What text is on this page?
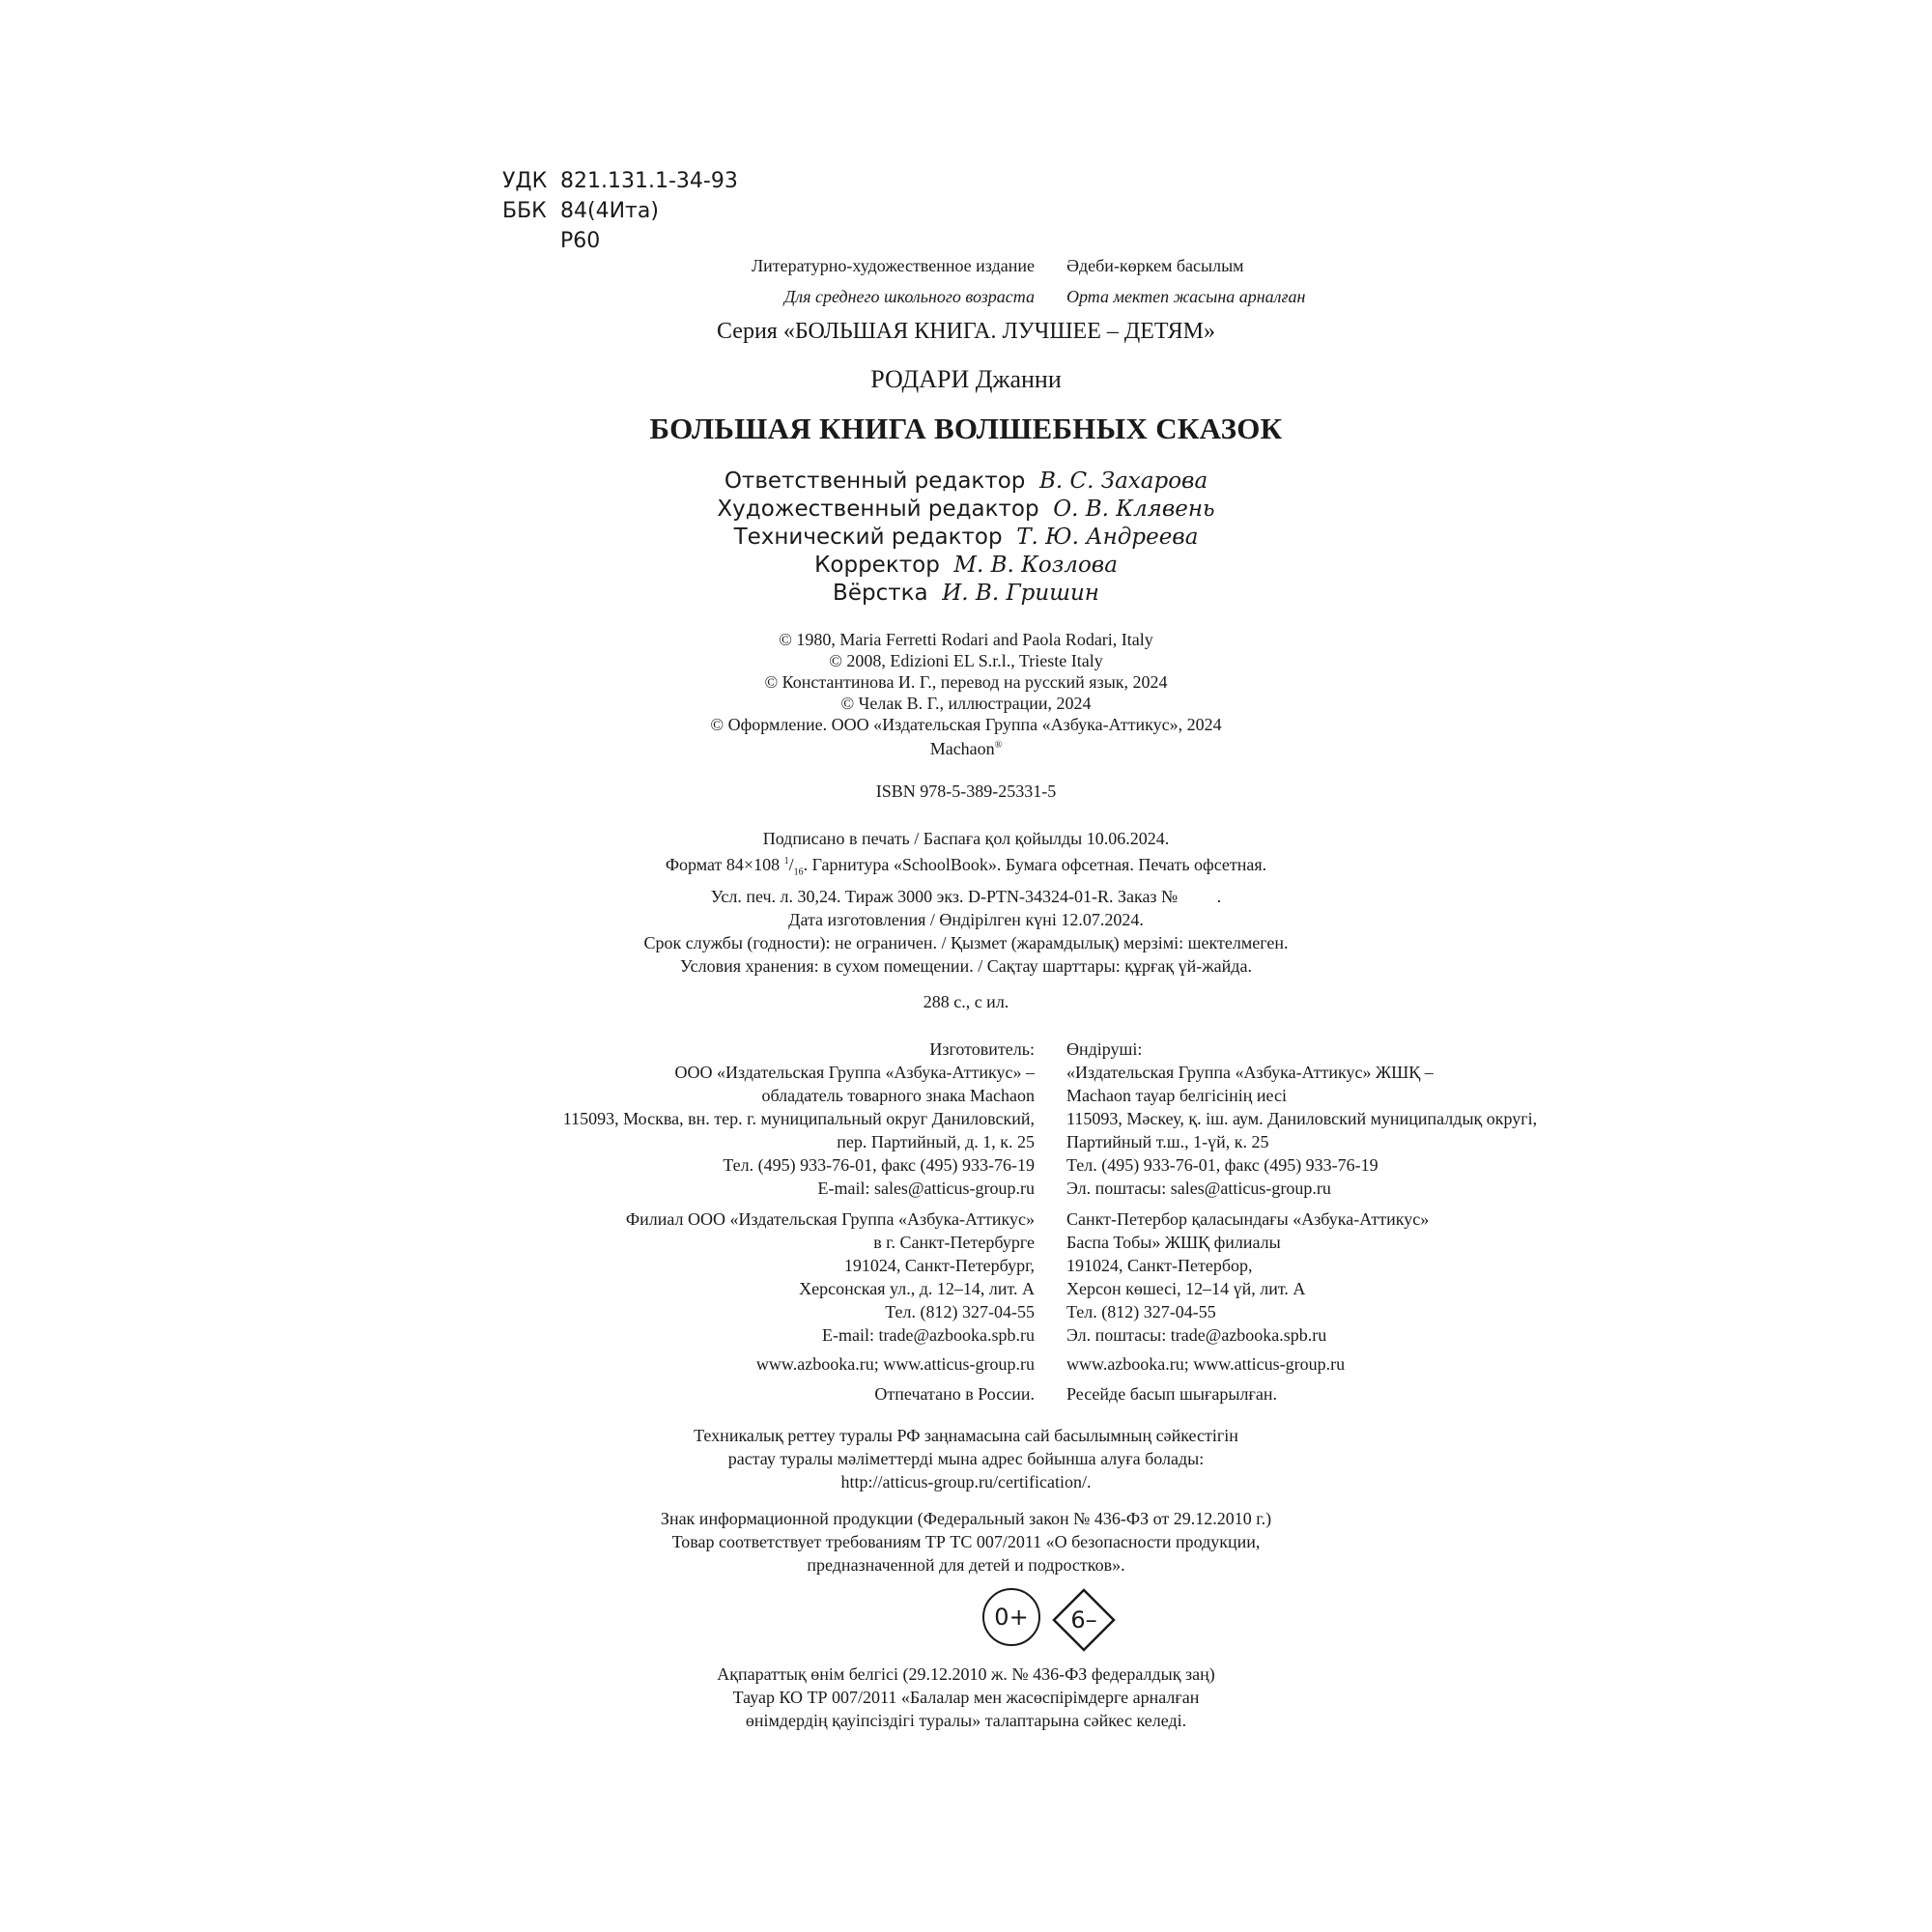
УДК 821.131.1-34-93
ББК 84(4Ита)
Р60
Литературно-художественное издание Әдеби-көркем басылым
Для среднего школьного возраста Орта мектеп жасына арналған
Серия «БОЛЬШАЯ КНИГА. ЛУЧШЕЕ – ДЕТЯМ»
РОДАРИ Джанни
БОЛЬШАЯ КНИГА ВОЛШЕБНЫХ СКАЗОК
Ответственный редактор В. С. Захарова
Художественный редактор О. В. Клявень
Технический редактор Т. Ю. Андреева
Корректор М. В. Козлова
Вёрстка И. В. Гришин
© 1980, Maria Ferretti Rodari and Paola Rodari, Italy
© 2008, Edizioni EL S.r.l., Trieste Italy
© Константинова И. Г., перевод на русский язык, 2024
© Челак В. Г., иллюстрации, 2024
© Оформление. ООО «Издательская Группа «Азбука-Аттикус», 2024
Machaon®
ISBN 978-5-389-25331-5
Подписано в печать / Баспаға қол қойылды 10.06.2024.
Формат 84×108 $^1/_{16}$. Гарнитура «SchoolBook». Бумага офсетная. Печать офсетная.
Усл. печ. л. 30,24. Тираж 3000 экз. D-PTN-34324-01-R. Заказ №         .
Дата изготовления / Өндірілген күні 12.07.2024.
Срок службы (годности): не ограничен. / Қызмет (жарамдылық) мерзімі: шектелмеген.
Условия хранения: в сухом помещении. / Сақтау шарттары: құрғақ үй-жайда.
288 с., с ил.
Изготовитель:
ООО «Издательская Группа «Азбука-Аттикус» –
обладатель товарного знака Machaon
115093, Москва, вн. тер. г. муниципальный округ Даниловский,
пер. Партийный, д. 1, к. 25
Тел. (495) 933-76-01, факс (495) 933-76-19
E-mail: sales@atticus-group.ru
Өндіруші:
«Издательская Группа «Азбука-Аттикус» ЖШҚ –
Machaon тауар белгісінің иесі
115093, Мәскеу, қ. іш. аум. Даниловский муниципалдық округі,
Партийный т.ш., 1-үй, к. 25
Тел. (495) 933-76-01, факс (495) 933-76-19
Эл. поштасы: sales@atticus-group.ru
Филиал ООО «Издательская Группа «Азбука-Аттикус»
в г. Санкт-Петербурге
191024, Санкт-Петербург,
Херсонская ул., д. 12–14, лит. А
Тел. (812) 327-04-55
E-mail: trade@azbooka.spb.ru
Санкт-Петербор қаласындағы «Азбука-Аттикус»
Баспа Тобы» ЖШҚ филиалы
191024, Санкт-Петербор,
Херсон көшесі, 12–14 үй, лит. А
Тел. (812) 327-04-55
Эл. поштасы: trade@azbooka.spb.ru
www.azbooka.ru; www.atticus-group.ru www.azbooka.ru; www.atticus-group.ru
Отпечатано в России. Ресейде басып шығарылған.
Техникалық реттеу туралы РФ заңнамасына сай басылымның сәйкестігін
растау туралы мәліметтерді мына адрес бойынша алуға болады:
http://atticus-group.ru/certification/.
Знак информационной продукции (Федеральный закон № 436-ФЗ от 29.12.2010 г.)
Товар соответствует требованиям ТР ТС 007/2011 «О безопасности продукции,
предназначенной для детей и подростков».
0+	6–
Ақпараттық өнім белгісі (29.12.2010 ж. № 436-ФЗ федералдық заң)
Тауар КО ТР 007/2011 «Балалар мен жасөспірімдерге арналған
өнімдердің қауіпсіздігі туралы» талаптарына сәйкес келеді.
